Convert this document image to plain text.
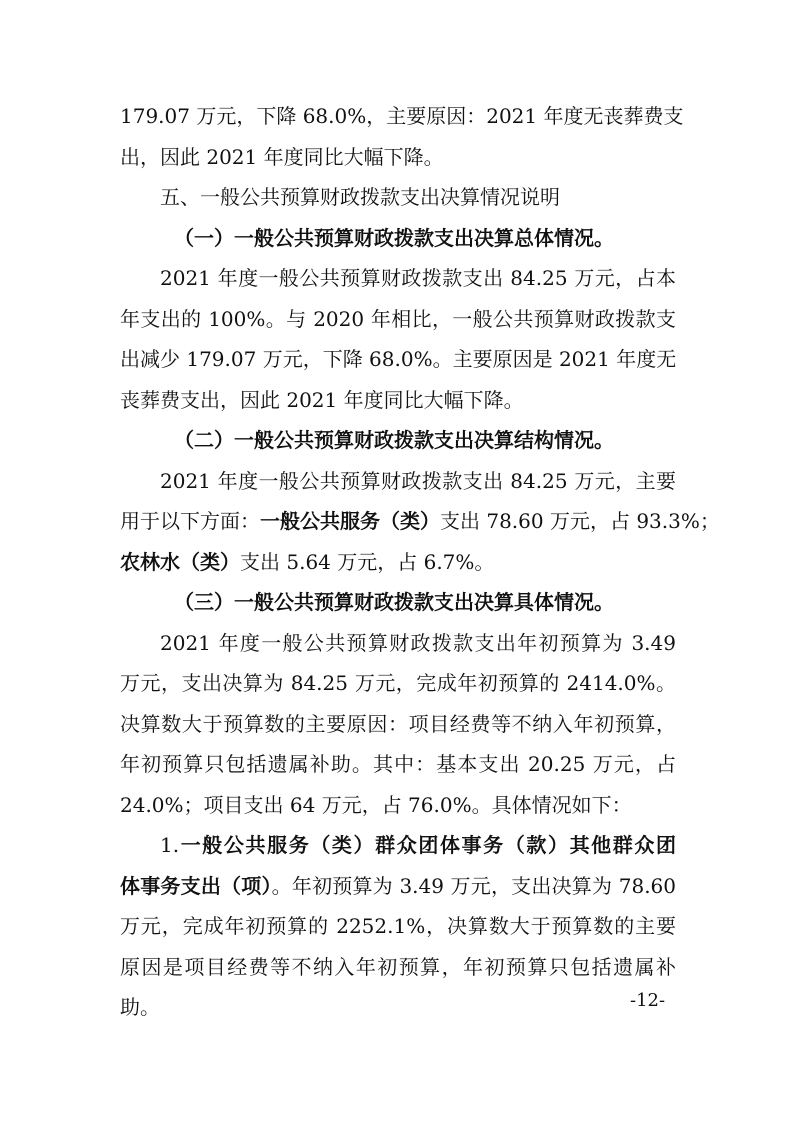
179.07 万元，下降 68.0%，主要原因：2021 年度无丧葬费支
出，因此 2021 年度同比大幅下降。
五、一般公共预算财政拨款支出决算情况说明
（一）一般公共预算财政拨款支出决算总体情况。
2021 年度一般公共预算财政拨款支出 84.25 万元，占本
年支出的 100%。与 2020 年相比，一般公共预算财政拨款支
出减少 179.07 万元，下降 68.0%。主要原因是 2021 年度无
丧葬费支出，因此 2021 年度同比大幅下降。
（二）一般公共预算财政拨款支出决算结构情况。
2021 年度一般公共预算财政拨款支出 84.25 万元，主要
用于以下方面：一般公共服务（类）支出 78.60 万元，占 93.3%；
农林水（类）支出 5.64 万元，占 6.7%。
（三）一般公共预算财政拨款支出决算具体情况。
2021 年度一般公共预算财政拨款支出年初预算为 3.49
万元，支出决算为 84.25 万元，完成年初预算的 2414.0%。
决算数大于预算数的主要原因：项目经费等不纳入年初预算，
年初预算只包括遗属补助。其中：基本支出 20.25 万元，占
24.0%；项目支出 64 万元，占 76.0%。具体情况如下：
1.一般公共服务（类）群众团体事务（款）其他群众团
体事务支出（项）。年初预算为 3.49 万元，支出决算为 78.60
万元，完成年初预算的 2252.1%，决算数大于预算数的主要
原因是项目经费等不纳入年初预算，年初预算只包括遗属补
助。	-12-
